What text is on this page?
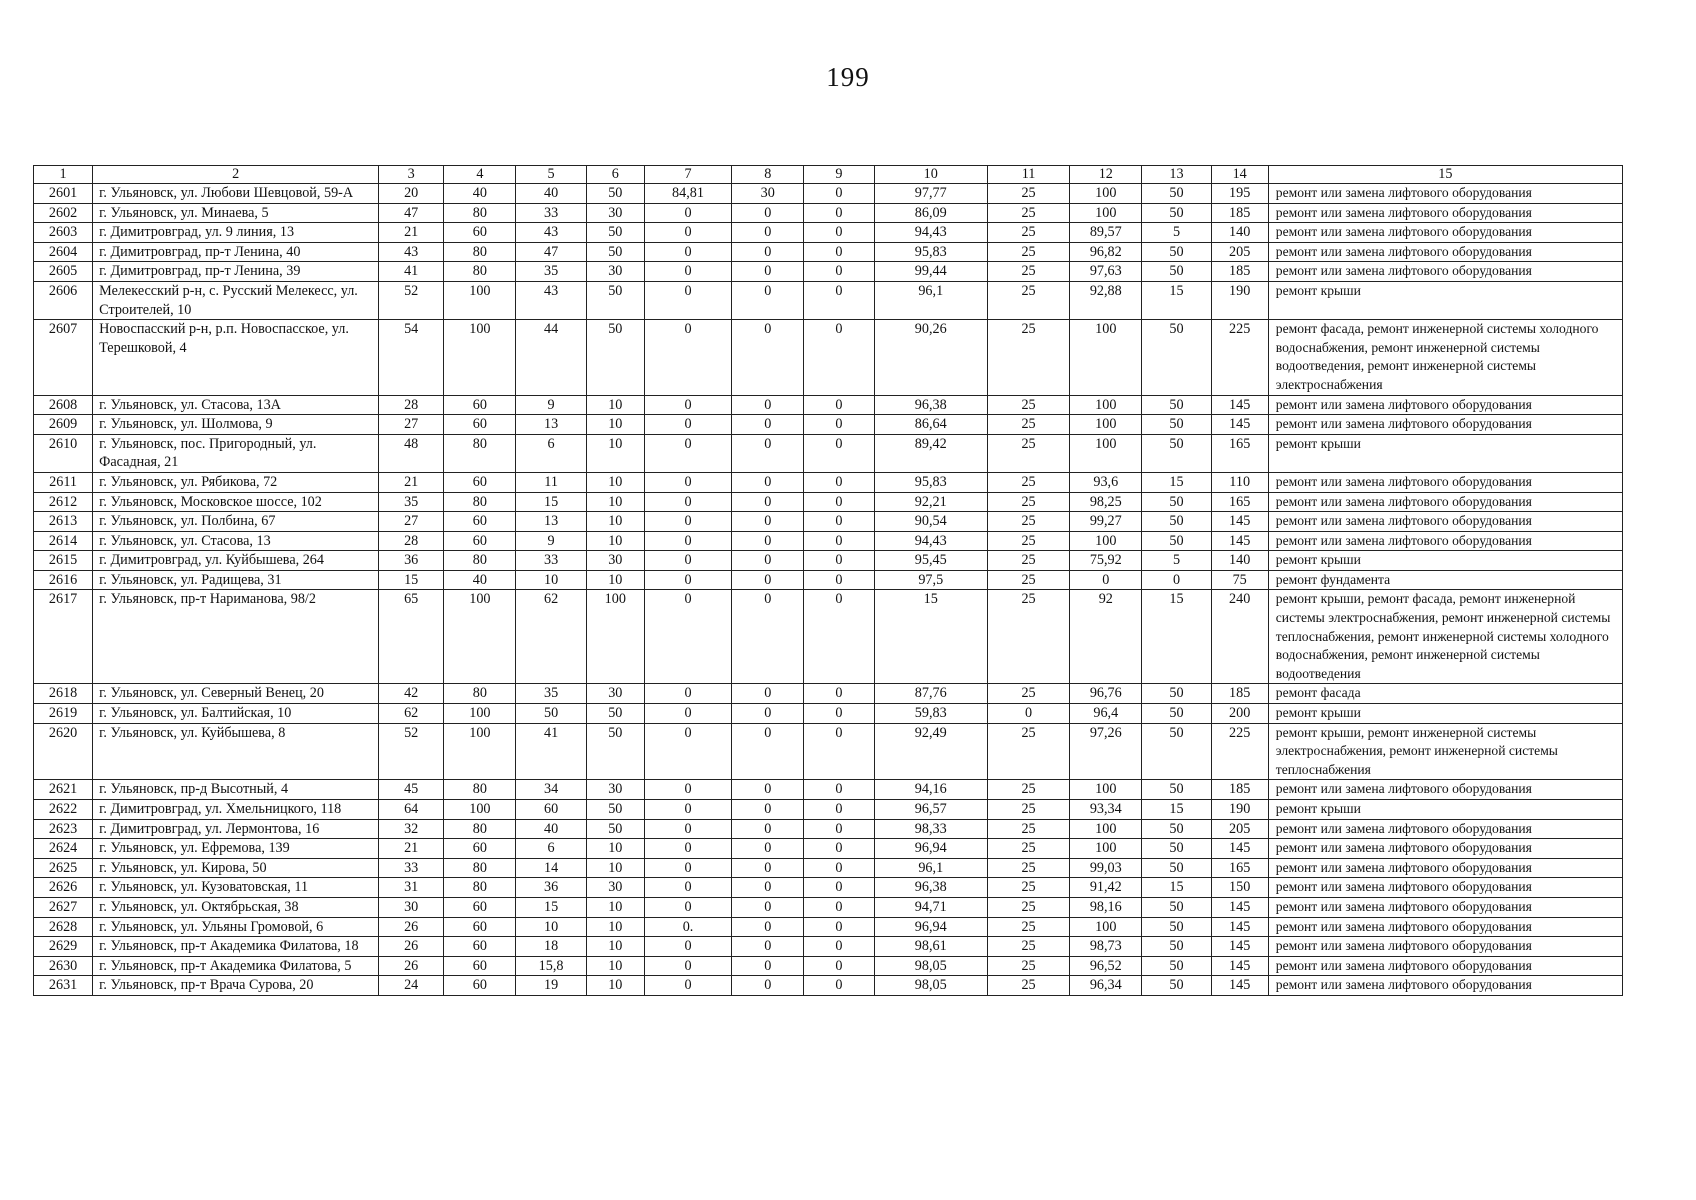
199
1	2	3	4	5	6	7	8	9	10	11	12	13	14	15
2601	г. Ульяновск, ул. Любови Шевцовой, 59-А	20	40	40	50	84,81	30	0	97,77	25	100	50	195	ремонт или замена лифтового оборудования
2602	г. Ульяновск, ул. Минаева, 5	47	80	33	30	0	0	0	86,09	25	100	50	185	ремонт или замена лифтового оборудования
2603	г. Димитровград, ул. 9 линия, 13	21	60	43	50	0	0	0	94,43	25	89,57	5	140	ремонт или замена лифтового оборудования
2604	г. Димитровград, пр-т Ленина, 40	43	80	47	50	0	0	0	95,83	25	96,82	50	205	ремонт или замена лифтового оборудования
2605	г. Димитровград, пр-т Ленина, 39	41	80	35	30	0	0	0	99,44	25	97,63	50	185	ремонт или замена лифтового оборудования
2606	Мелекесский р-н, с. Русский Мелекесс, ул. Строителей, 10	52	100	43	50	0	0	0	96,1	25	92,88	15	190	ремонт крыши
2607	Новоспасский р-н, р.п. Новоспасское, ул. Терешковой, 4	54	100	44	50	0	0	0	90,26	25	100	50	225	ремонт фасада, ремонт инженерной системы холодного водоснабжения, ремонт инженерной системы водоотведения, ремонт инженерной системы электроснабжения
2608	г. Ульяновск, ул. Стасова, 13А	28	60	9	10	0	0	0	96,38	25	100	50	145	ремонт или замена лифтового оборудования
2609	г. Ульяновск, ул. Шолмова, 9	27	60	13	10	0	0	0	86,64	25	100	50	145	ремонт или замена лифтового оборудования
2610	г. Ульяновск, пос. Пригородный, ул. Фасадная, 21	48	80	6	10	0	0	0	89,42	25	100	50	165	ремонт крыши
2611	г. Ульяновск, ул. Рябикова, 72	21	60	11	10	0	0	0	95,83	25	93,6	15	110	ремонт или замена лифтового оборудования
2612	г. Ульяновск, Московское шоссе, 102	35	80	15	10	0	0	0	92,21	25	98,25	50	165	ремонт или замена лифтового оборудования
2613	г. Ульяновск, ул. Полбина, 67	27	60	13	10	0	0	0	90,54	25	99,27	50	145	ремонт или замена лифтового оборудования
2614	г. Ульяновск, ул. Стасова, 13	28	60	9	10	0	0	0	94,43	25	100	50	145	ремонт или замена лифтового оборудования
2615	г. Димитровград, ул. Куйбышева, 264	36	80	33	30	0	0	0	95,45	25	75,92	5	140	ремонт крыши
2616	г. Ульяновск, ул. Радищева, 31	15	40	10	10	0	0	0	97,5	25	0	0	75	ремонт фундамента
2617	г. Ульяновск, пр-т Нариманова, 98/2	65	100	62	100	0	0	0	15	25	92	15	240	ремонт крыши, ремонт фасада, ремонт инженерной системы электроснабжения, ремонт инженерной системы теплоснабжения, ремонт инженерной системы холодного водоснабжения, ремонт инженерной системы водоотведения
2618	г. Ульяновск, ул. Северный Венец, 20	42	80	35	30	0	0	0	87,76	25	96,76	50	185	ремонт фасада
2619	г. Ульяновск, ул. Балтийская, 10	62	100	50	50	0	0	0	59,83	0	96,4	50	200	ремонт крыши
2620	г. Ульяновск, ул. Куйбышева, 8	52	100	41	50	0	0	0	92,49	25	97,26	50	225	ремонт крыши, ремонт инженерной системы электроснабжения, ремонт инженерной системы теплоснабжения
2621	г. Ульяновск, пр-д Высотный, 4	45	80	34	30	0	0	0	94,16	25	100	50	185	ремонт или замена лифтового оборудования
2622	г. Димитровград, ул. Хмельницкого, 118	64	100	60	50	0	0	0	96,57	25	93,34	15	190	ремонт крыши
2623	г. Димитровград, ул. Лермонтова, 16	32	80	40	50	0	0	0	98,33	25	100	50	205	ремонт или замена лифтового оборудования
2624	г. Ульяновск, ул. Ефремова, 139	21	60	6	10	0	0	0	96,94	25	100	50	145	ремонт или замена лифтового оборудования
2625	г. Ульяновск, ул. Кирова, 50	33	80	14	10	0	0	0	96,1	25	99,03	50	165	ремонт или замена лифтового оборудования
2626	г. Ульяновск, ул. Кузоватовская, 11	31	80	36	30	0	0	0	96,38	25	91,42	15	150	ремонт или замена лифтового оборудования
2627	г. Ульяновск, ул. Октябрьская, 38	30	60	15	10	0	0	0	94,71	25	98,16	50	145	ремонт или замена лифтового оборудования
2628	г. Ульяновск, ул. Ульяны Громовой, 6	26	60	10	10	0.	0	0	96,94	25	100	50	145	ремонт или замена лифтового оборудования
2629	г. Ульяновск, пр-т Академика Филатова, 18	26	60	18	10	0	0	0	98,61	25	98,73	50	145	ремонт или замена лифтового оборудования
2630	г. Ульяновск, пр-т Академика Филатова, 5	26	60	15,8	10	0	0	0	98,05	25	96,52	50	145	ремонт или замена лифтового оборудования
2631	г. Ульяновск, пр-т Врача Сурова, 20	24	60	19	10	0	0	0	98,05	25	96,34	50	145	ремонт или замена лифтового оборудования
